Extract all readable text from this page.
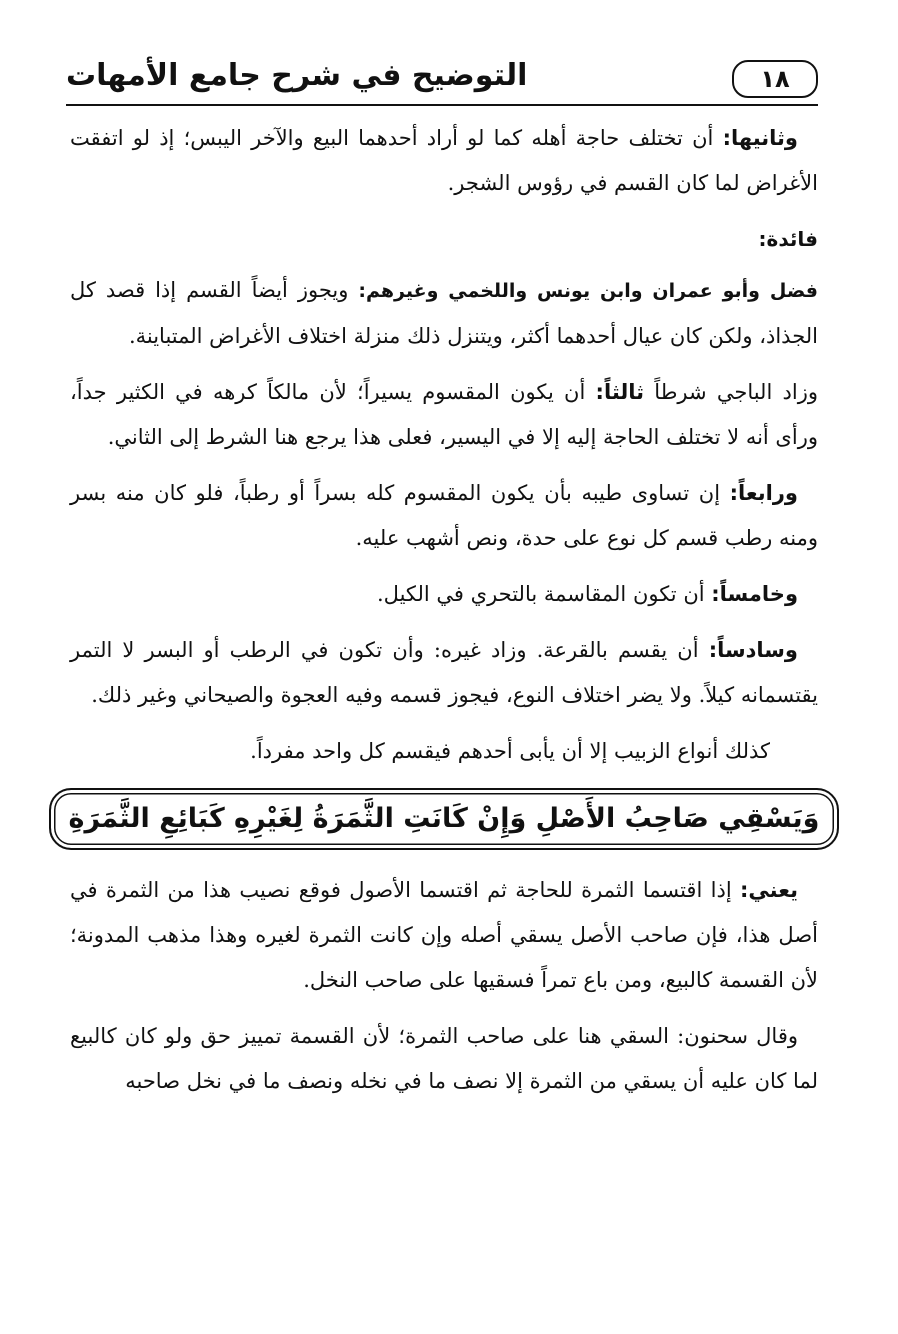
١٨
التوضيح في شرح جامع الأمهات

وثانيها: أن تختلف حاجة أهله كما لو أراد أحدهما البيع والآخر اليبس؛ إذ لو اتفقت الأغراض لما كان القسم في رؤوس الشجر.

فائدة:

فضل وأبو عمران وابن يونس واللخمي وغيرهم: ويجوز أيضاً القسم إذا قصد كل الجذاذ، ولكن كان عيال أحدهما أكثر، ويتنزل ذلك منزلة اختلاف الأغراض المتباينة.

وزاد الباجي شرطاً ثالثاً: أن يكون المقسوم يسيراً؛ لأن مالكاً كرهه في الكثير جداً، ورأى أنه لا تختلف الحاجة إليه إلا في اليسير، فعلى هذا يرجع هنا الشرط إلى الثاني.

ورابعاً: إن تساوى طيبه بأن يكون المقسوم كله بسراً أو رطباً، فلو كان منه بسر ومنه رطب قسم كل نوع على حدة، ونص أشهب عليه.

وخامساً: أن تكون المقاسمة بالتحري في الكيل.

وسادساً: أن يقسم بالقرعة. وزاد غيره: وأن تكون في الرطب أو البسر لا التمر يقتسمانه كيلاً. ولا يضر اختلاف النوع، فيجوز قسمه وفيه العجوة والصيحاني وغير ذلك.

كذلك أنواع الزبيب إلا أن يأبى أحدهم فيقسم كل واحد مفرداً.

وَيَسْقِي صَاحِبُ الأَصْلِ وَإِنْ كَانَتِ الثَّمَرَةُ لِغَيْرِهِ كَبَائِعِ الثَّمَرَةِ

يعني: إذا اقتسما الثمرة للحاجة ثم اقتسما الأصول فوقع نصيب هذا من الثمرة في أصل هذا، فإن صاحب الأصل يسقي أصله وإن كانت الثمرة لغيره وهذا مذهب المدونة؛ لأن القسمة كالبيع، ومن باع تمراً فسقيها على صاحب النخل.

وقال سحنون: السقي هنا على صاحب الثمرة؛ لأن القسمة تمييز حق ولو كان كالبيع لما كان عليه أن يسقي من الثمرة إلا نصف ما في نخله ونصف ما في نخل صاحبه
